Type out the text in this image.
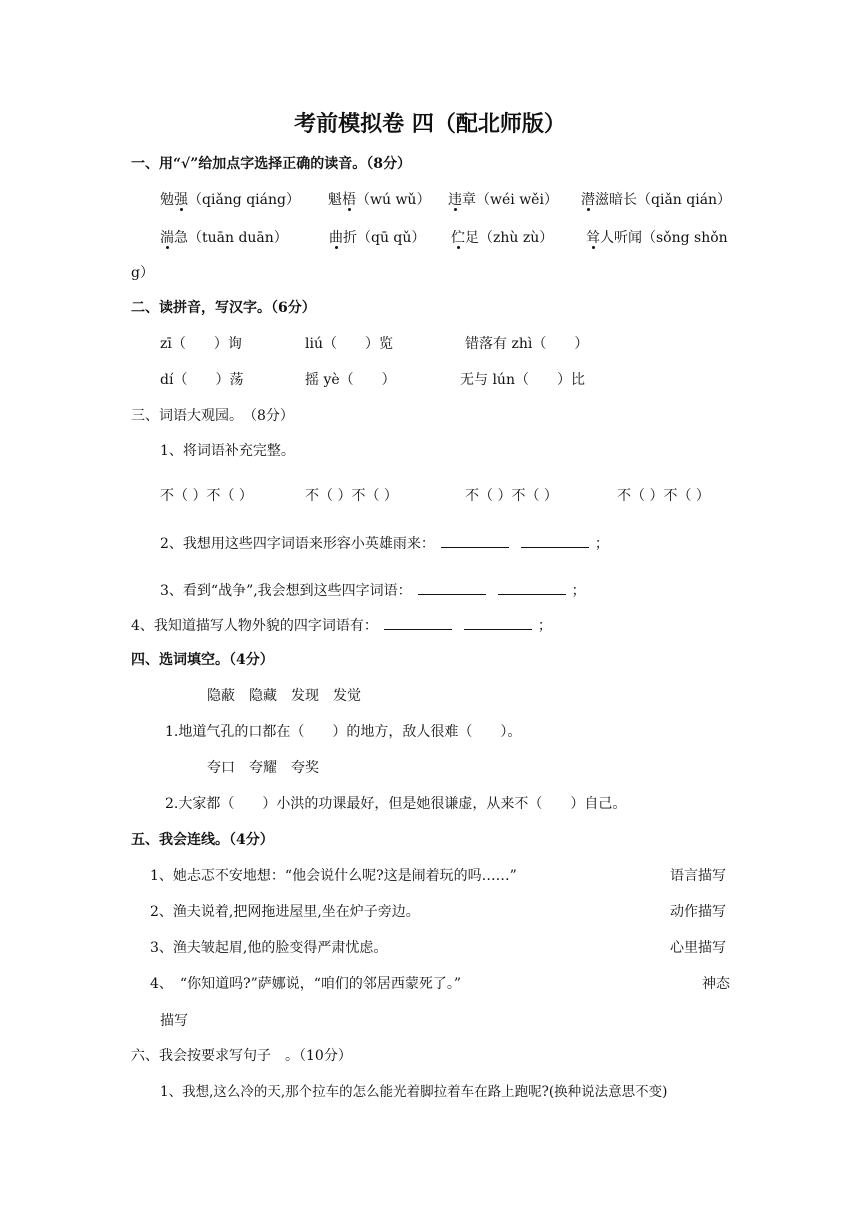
考前模拟卷 四（配北师版）
一、用“√”给加点字选择正确的读音。（8分）
勉强（qiǎng qiáng） 魁梧（wú wǔ） 违章（wéi wěi） 潜滋暗长（qiǎn qián）
湍急（tuān duān）	曲折（qū qǔ） 伫足（zhù zù） 耸人听闻（sǒng shǒn
g）
二、读拼音，写汉字。（6分）
zī（　　）询	liú（　　）览	错落有 zhì（　　）
dí（　　）荡	摇 yè（　　）	无与 lún（　　）比
三、词语大观园。　（8分）
1、将词语补充完整。
不（ ）不（ ）	不（ ）不（ ）	不（ ）不（ ）	不（ ）不（ ）
2、我想用这些四字词语来形容小英雄雨来：	；
3、看到“战争”,我会想到这些四字词语：	；
4、我知道描写人物外貌的四字词语有：	；
四、选词填空。（4分）
隐蔽　隐藏　发现　发觉
1.地道气孔的口都在（　　）的地方，敌人很难（　　）。
夸口　夸耀　夸奖
2.大家都（　　）小洪的功课最好，但是她很谦虚，从来不（　　）自己。
五、我会连线。（4分）
1、她忐忑不安地想：“他会说什么呢?这是闹着玩的吗……”	语言描写
2、渔夫说着,把网拖进屋里,坐在炉子旁边。	动作描写
3、渔夫皱起眉,他的脸变得严肃忧虑。	心里描写
4、　“你知道吗?”萨娜说，“咱们的邻居西蒙死了。”	神态
描写
六、我会按要求写句子　。（10分）
1、我想,这么冷的天,那个拉车的怎么能光着脚拉着车在路上跑呢?(换种说法意思不变)
